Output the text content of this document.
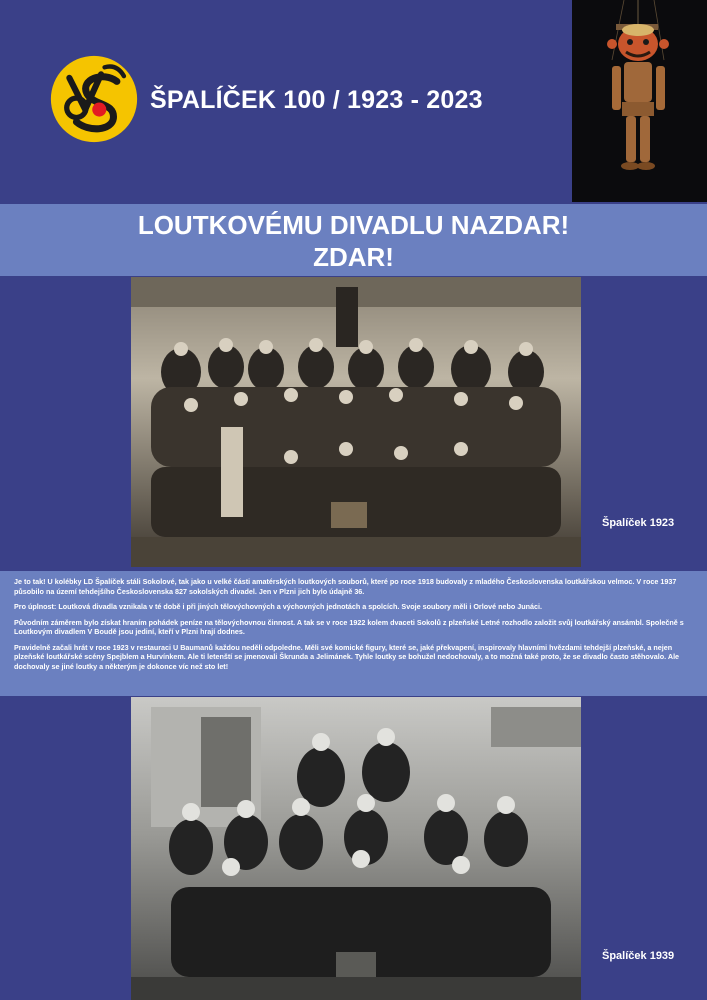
ŠPALÍČEK 100 / 1923 - 2023
LOUTKOVÉMU DIVADLU NAZDAR!
ZDAR!
Špalíček 1923

Je to tak! U kolébky LD Špalíček stáli Sokolové, tak jako u velké části amatérských loutkových souborů, které po roce 1918 budovaly z mladého Československa loutkářskou velmoc. V roce 1937 působilo na území tehdejšího Československa 827 sokolských divadel. Jen v Plzni jich bylo údajně 36.

Pro úplnost: Loutková divadla vznikala v té době i při jiných tělovýchovných a výchovných jednotách a spolcích. Svoje soubory měli i Orlové nebo Junáci.

Původním záměrem bylo získat hraním pohádek peníze na tělovýchovnou činnost. A tak se v roce 1922 kolem dvaceti Sokolů z plzeňské Letné rozhodlo založit svůj loutkářský ansámbl. Společně s Loutkovým divadlem V Boudě jsou jediní, kteří v Plzni hrají dodnes.

Pravidelně začali hrát v roce 1923 v restauraci U Baumanů každou neděli odpoledne. Měli své komické figury, které se, jaké překvapení, inspirovaly hlavními hvězdami tehdejší plzeňské, a nejen plzeňské loutkářské scény Spejblem a Hurvínkem. Ale ti letenští se jmenovali Škrunda a Jelimánek. Tyhle loutky se bohužel nedochovaly, a to možná také proto, že se divadlo často stěhovalo. Ale dochovaly se jiné loutky a některým je dokonce víc než sto let!

Špalíček 1939
